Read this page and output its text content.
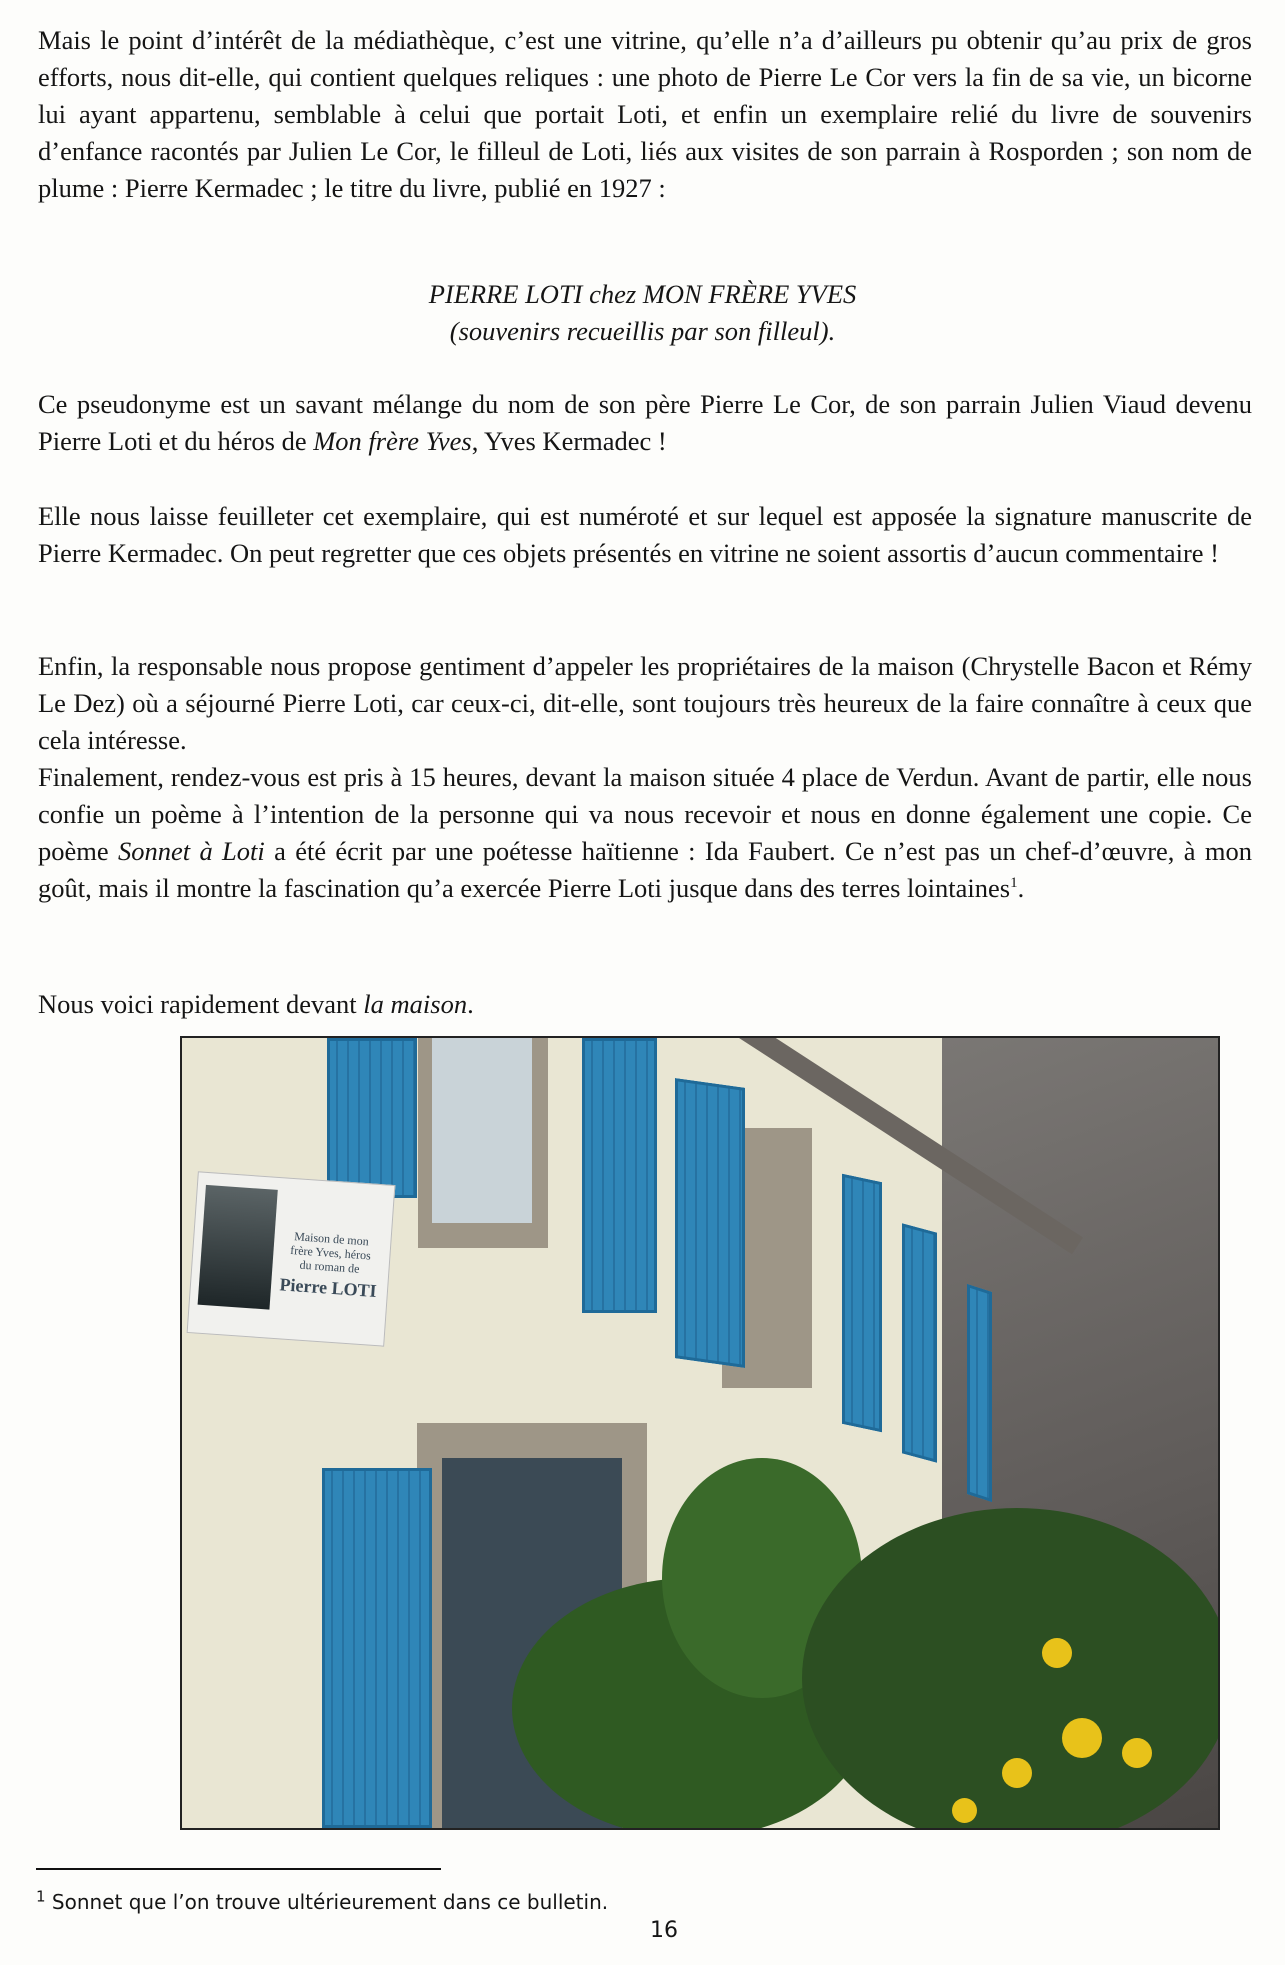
Mais le point d’intérêt de la médiathèque, c’est une vitrine, qu’elle n’a d’ailleurs pu obtenir qu’au prix de gros efforts, nous dit-elle, qui contient quelques reliques : une photo de Pierre Le Cor vers la fin de sa vie, un bicorne lui ayant appartenu, semblable à celui que portait Loti, et enfin un exemplaire relié du livre de souvenirs d’enfance racontés par Julien Le Cor, le filleul de Loti, liés aux visites de son parrain à Rosporden ; son nom de plume : Pierre Kermadec ; le titre du livre, publié en 1927 :
PIERRE LOTI chez MON FRÈRE YVES
(souvenirs recueillis par son filleul).
Ce pseudonyme est un savant mélange du nom de son père Pierre Le Cor, de son parrain Julien Viaud devenu Pierre Loti et du héros de Mon frère Yves, Yves Kermadec !
Elle nous laisse feuilleter cet exemplaire, qui est numéroté et sur lequel est apposée la signature manuscrite de Pierre Kermadec. On peut regretter que ces objets présentés en vitrine ne soient assortis d’aucun commentaire !
Enfin, la responsable nous propose gentiment d’appeler les propriétaires de la maison (Chrystelle Bacon et Rémy Le Dez) où a séjourné Pierre Loti, car ceux-ci, dit-elle, sont toujours très heureux de la faire connaître à ceux que cela intéresse.
Finalement, rendez-vous est pris à 15 heures, devant la maison située 4 place de Verdun. Avant de partir, elle nous confie un poème à l’intention de la personne qui va nous recevoir et nous en donne également une copie. Ce poème Sonnet à Loti a été écrit par une poétesse haïtienne : Ida Faubert. Ce n’est pas un chef-d’œuvre, à mon goût, mais il montre la fascination qu’a exercée Pierre Loti jusque dans des terres lointaines$^1$.
Nous voici rapidement devant la maison.
Maison de mon
frère Yves, héros
du roman de
Pierre LOTI
$^1$ Sonnet que l’on trouve ultérieurement dans ce bulletin.
16
